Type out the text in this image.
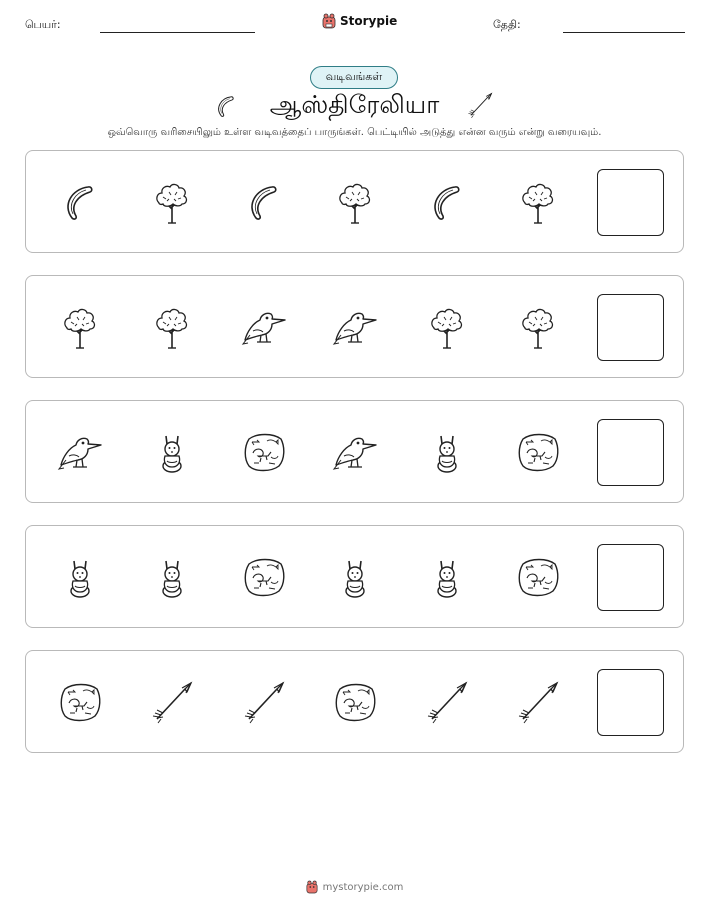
பெயர்:	Storypie	தேதி:
வடிவங்கள்
ஆஸ்திரேலியா
ஒவ்வொரு வரிசையிலும் உள்ள வடிவத்தைப் பாருங்கள். பெட்டியில் அடுத்து என்ன வரும் என்று வரையவும்.
mystorypie.com
